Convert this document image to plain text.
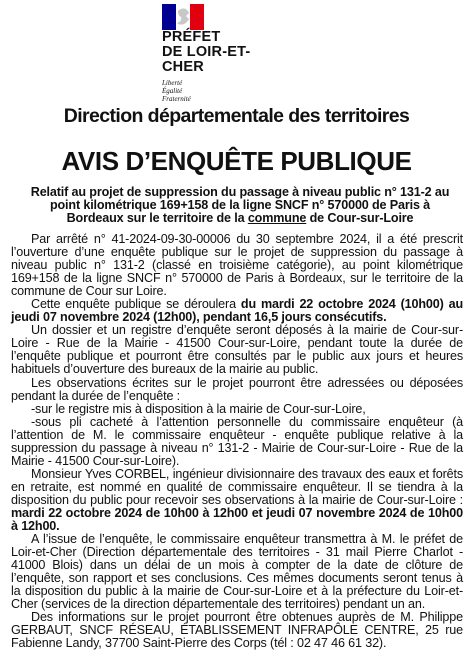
PRÉFET
DE LOIR-ET-CHER
Liberté
Égalité
Fraternité
Direction départementale des territoires
AVIS D’ENQUÊTE PUBLIQUE
Relatif au projet de suppression du passage à niveau public n° 131-2 au point kilométrique 169+158 de la ligne SNCF n° 570000 de Paris à Bordeaux sur le territoire de la commune de Cour-sur-Loire

Par arrêté n° 41-2024-09-30-00006 du 30 septembre 2024, il a été prescrit l’ouverture d’une enquête publique sur le projet de suppression du passage à niveau public n° 131-2 (classé en troisième catégorie), au point kilométrique 169+158 de la ligne SNCF n° 570000 de Paris à Bordeaux, sur le territoire de la commune de Cour sur Loire.

Cette enquête publique se déroulera du mardi 22 octobre 2024 (10h00) au jeudi 07 novembre 2024 (12h00), pendant 16,5 jours consécutifs.

Un dossier et un registre d’enquête seront déposés à la mairie de Cour-sur-Loire - Rue de la Mairie - 41500 Cour-sur-Loire, pendant toute la durée de l’enquête publique et pourront être consultés par le public aux jours et heures habituels d’ouverture des bureaux de la mairie au public.

Les observations écrites sur le projet pourront être adressées ou déposées pendant la durée de l’enquête :

-sur le registre mis à disposition à la mairie de Cour-sur-Loire,

-sous pli cacheté à l’attention personnelle du commissaire enquêteur (à l’attention de M. le commissaire enquêteur - enquête publique relative à la suppression du passage à niveau n° 131-2 - Mairie de Cour-sur-Loire - Rue de la Mairie - 41500 Cour-sur-Loire).

Monsieur Yves CORBEL, ingénieur divisionnaire des travaux des eaux et forêts en retraite, est nommé en qualité de commissaire enquêteur. Il se tiendra à la disposition du public pour recevoir ses observations à la mairie de Cour-sur-Loire : mardi 22 octobre 2024 de 10h00 à 12h00 et jeudi 07 novembre 2024 de 10h00 à 12h00.

A l’issue de l’enquête, le commissaire enquêteur transmettra à M. le préfet de Loir-et-Cher (Direction départementale des territoires - 31 mail Pierre Charlot - 41000 Blois) dans un délai de un mois à compter de la date de clôture de l’enquête, son rapport et ses conclusions. Ces mêmes documents seront tenus à la disposition du public à la mairie de Cour-sur-Loire et à la préfecture du Loir-et-Cher (services de la direction départementale des territoires) pendant un an.

Des informations sur le projet pourront être obtenues auprès de M. Philippe GERBAUT, SNCF RÉSEAU, ÉTABLISSEMENT INFRAPÔLE CENTRE, 25 rue Fabienne Landy, 37700 Saint-Pierre des Corps (tél : 02 47 46 61 32).
